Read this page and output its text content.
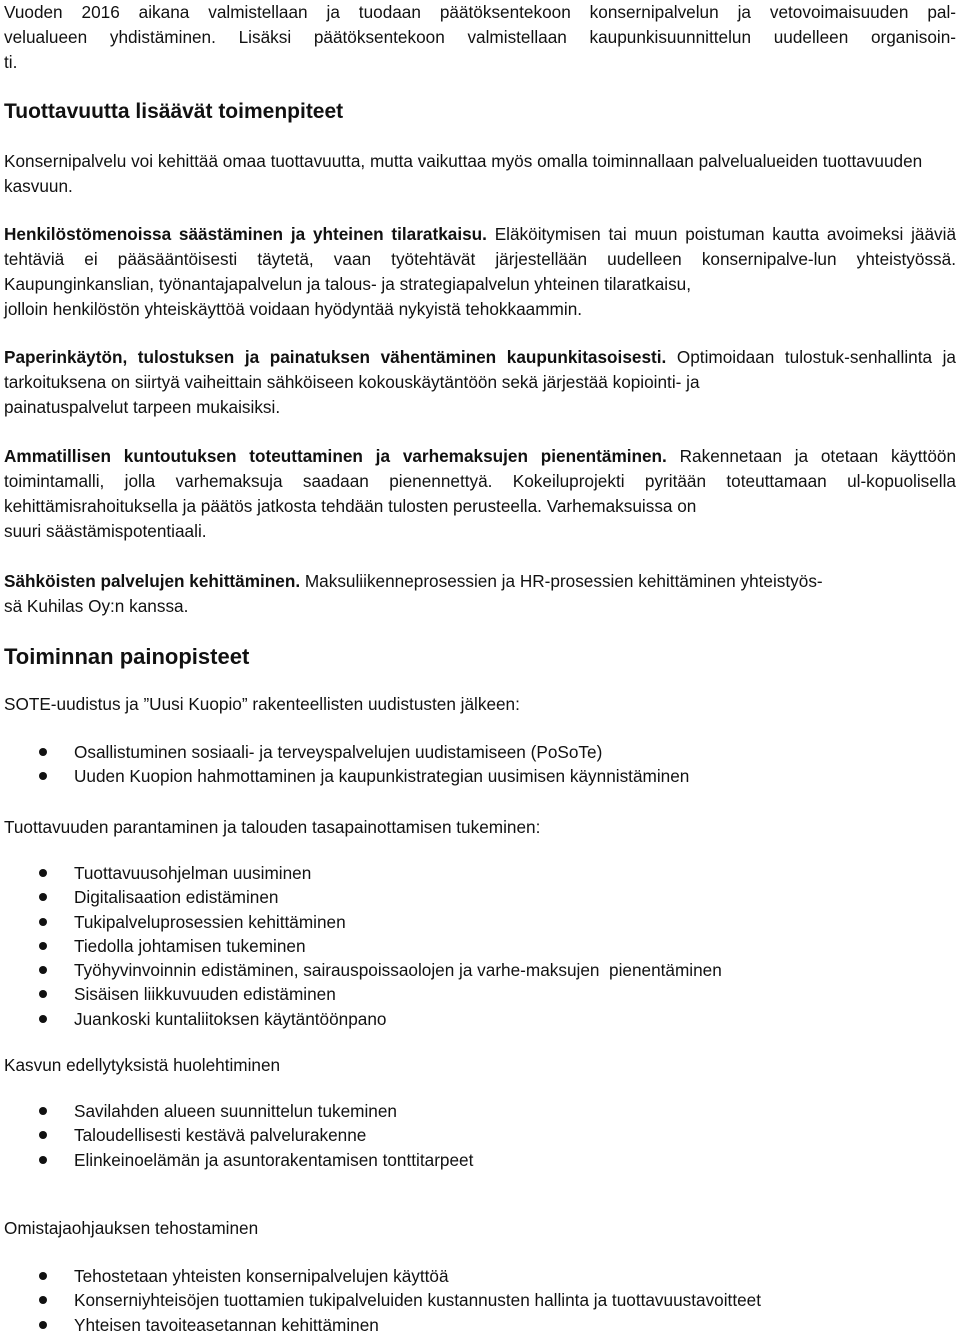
Vuoden 2016 aikana valmistellaan ja tuodaan päätöksentekoon konsernipalvelun ja vetovoimaisuuden pal-
velualueen yhdistäminen. Lisäksi päätöksentekoon valmistellaan kaupunkisuunnittelun uudelleen organisoin-
ti.
Tuottavuutta lisäävät toimenpiteet

Konsernipalvelu voi kehittää omaa tuottavuutta, mutta vaikuttaa myös omalla toiminnallaan palvelualueiden tuottavuuden kasvuun.

Henkilöstömenoissa säästäminen ja yhteinen tilaratkaisu. Eläköitymisen tai muun poistuman kautta avoimeksi jääviä tehtäviä ei pääsääntöisesti täytetä, vaan työtehtävät järjestellään uudelleen konsernipalve-lun yhteistyössä. Kaupunginkanslian, työnantajapalvelun ja talous- ja strategiapalvelun yhteinen tilaratkaisu,
jolloin henkilöstön yhteiskäyttöä voidaan hyödyntää nykyistä tehokkaammin.

Paperinkäytön, tulostuksen ja painatuksen vähentäminen kaupunkitasoisesti. Optimoidaan tulostuk-senhallinta ja tarkoituksena on siirtyä vaiheittain sähköiseen kokouskäytäntöön sekä järjestää kopiointi- ja
painatuspalvelut tarpeen mukaisiksi.

Ammatillisen kuntoutuksen toteuttaminen ja varhemaksujen pienentäminen. Rakennetaan ja otetaan käyttöön toimintamalli, jolla varhemaksuja saadaan pienennettyä. Kokeiluprojekti pyritään toteuttamaan ul-kopuolisella kehittämisrahoituksella ja päätös jatkosta tehdään tulosten perusteella. Varhemaksuissa on
suuri säästämispotentiaali.

Sähköisten palvelujen kehittäminen. Maksuliikenneprosessien ja HR-prosessien kehittäminen yhteistyös-
sä Kuhilas Oy:n kanssa.

Toiminnan painopisteet

SOTE-uudistus ja ”Uusi Kuopio” rakenteellisten uudistusten jälkeen:

Osallistuminen sosiaali- ja terveyspalvelujen uudistamiseen (PoSoTe)
Uuden Kuopion hahmottaminen ja kaupunkistrategian uusimisen käynnistäminen

Tuottavuuden parantaminen ja talouden tasapainottamisen tukeminen:

Tuottavuusohjelman uusiminen
Digitalisaation edistäminen
Tukipalveluprosessien kehittäminen
Tiedolla johtamisen tukeminen
Työhyvinvoinnin edistäminen, sairauspoissaolojen ja varhe-maksujen  pienentäminen
Sisäisen liikkuvuuden edistäminen
Juankoski kuntaliitoksen käytäntöönpano

Kasvun edellytyksistä huolehtiminen

Savilahden alueen suunnittelun tukeminen
Taloudellisesti kestävä palvelurakenne
Elinkeinoelämän ja asuntorakentamisen tonttitarpeet

Omistajaohjauksen tehostaminen

Tehostetaan yhteisten konsernipalvelujen käyttöä
Konserniyhteisöjen tuottamien tukipalveluiden kustannusten hallinta ja tuottavuustavoitteet
Yhteisen tavoiteasetannan kehittäminen
